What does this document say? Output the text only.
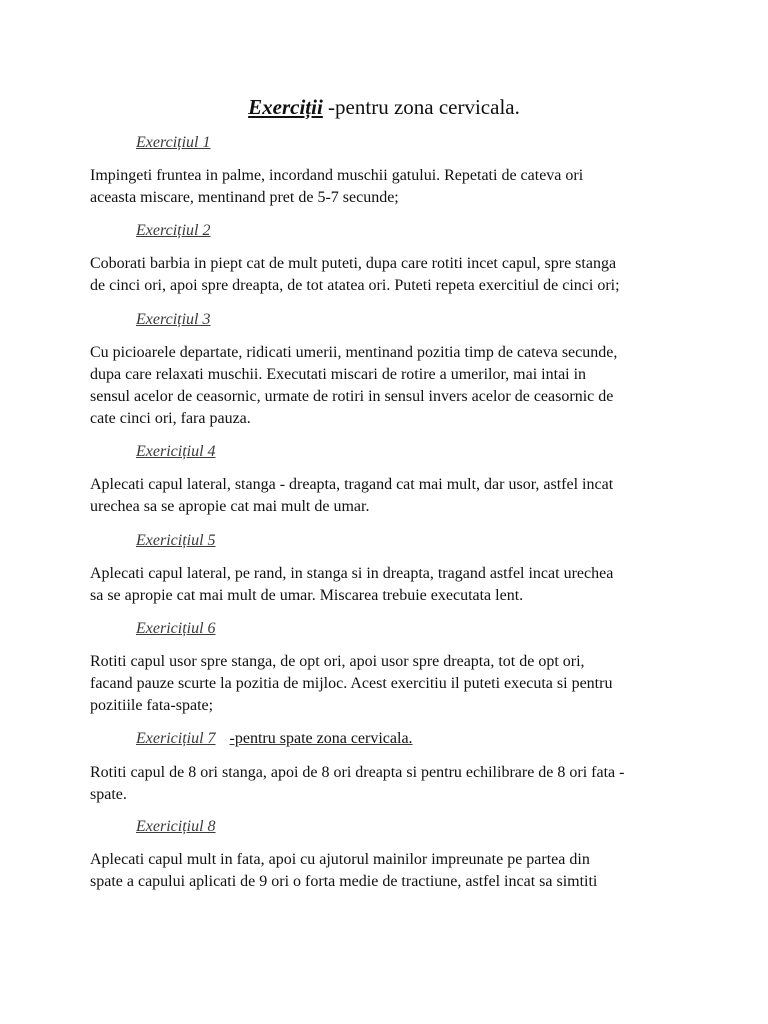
Exerciții -pentru zona cervicala.
Exercițiul 1

Impingeti fruntea in palme, incordand muschii gatului. Repetati de cateva ori
aceasta miscare, mentinand pret de 5-7 secunde;

Exercițiul 2

Coborati barbia in piept cat de mult puteti, dupa care rotiti incet capul, spre stanga
de cinci ori, apoi spre dreapta, de tot atatea ori. Puteti repeta exercitiul de cinci ori;

Exercițiul 3

Cu picioarele departate, ridicati umerii, mentinand pozitia timp de cateva secunde,
dupa care relaxati muschii. Executati miscari de rotire a umerilor, mai intai in
sensul acelor de ceasornic, urmate de rotiri in sensul invers acelor de ceasornic de
cate cinci ori, fara pauza.

Exericițiul 4

Aplecati capul lateral, stanga - dreapta, tragand cat mai mult, dar usor, astfel incat
urechea sa se apropie cat mai mult de umar.

Exericițiul 5

Aplecati capul lateral, pe rand, in stanga si in dreapta, tragand astfel incat urechea
sa se apropie cat mai mult de umar. Miscarea trebuie executata lent.

Exericițiul 6

Rotiti capul usor spre stanga, de opt ori, apoi usor spre dreapta, tot de opt ori,
facand pauze scurte la pozitia de mijloc. Acest exercitiu il puteti executa si pentru
pozitiile fata-spate;

Exericițiul 7 -pentru spate zona cervicala.

Rotiti capul de 8 ori stanga, apoi de 8 ori dreapta si pentru echilibrare de 8 ori fata -
spate.

Exericițiul 8

Aplecati capul mult in fata, apoi cu ajutorul mainilor impreunate pe partea din
spate a capului aplicati de 9 ori o forta medie de tractiune, astfel incat sa simtiti
